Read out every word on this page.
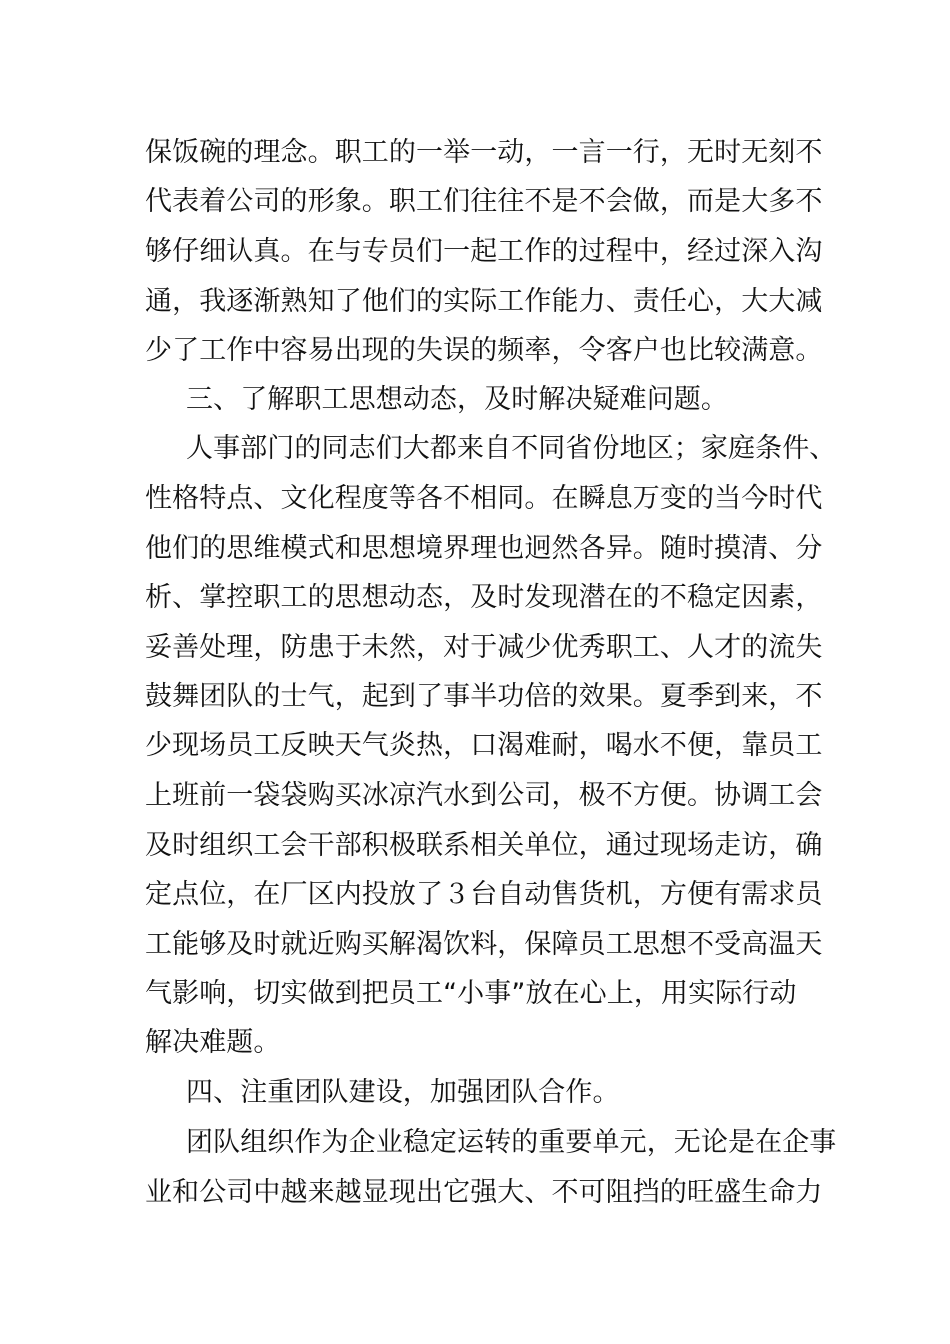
保饭碗的理念。职工的一举一动，一言一行，无时无刻不
代表着公司的形象。职工们往往不是不会做，而是大多不
够仔细认真。在与专员们一起工作的过程中，经过深入沟
通，我逐渐熟知了他们的实际工作能力、责任心，大大减
少了工作中容易出现的失误的频率，令客户也比较满意。
三、了解职工思想动态，及时解决疑难问题。
人事部门的同志们大都来自不同省份地区；家庭条件、
性格特点、文化程度等各不相同。在瞬息万变的当今时代
他们的思维模式和思想境界理也迥然各异。随时摸清、分
析、掌控职工的思想动态，及时发现潜在的不稳定因素，
妥善处理，防患于未然，对于减少优秀职工、人才的流失
鼓舞团队的士气，起到了事半功倍的效果。夏季到来，不
少现场员工反映天气炎热，口渴难耐，喝水不便，靠员工
上班前一袋袋购买冰凉汽水到公司，极不方便。协调工会
及时组织工会干部积极联系相关单位，通过现场走访，确
定点位，在厂区内投放了３台自动售货机，方便有需求员
工能够及时就近购买解渴饮料，保障员工思想不受高温天
气影响，切实做到把员工“小事”放在心上，用实际行动
解决难题。
四、注重团队建设，加强团队合作。
团队组织作为企业稳定运转的重要单元，无论是在企事
业和公司中越来越显现出它强大、不可阻挡的旺盛生命力
